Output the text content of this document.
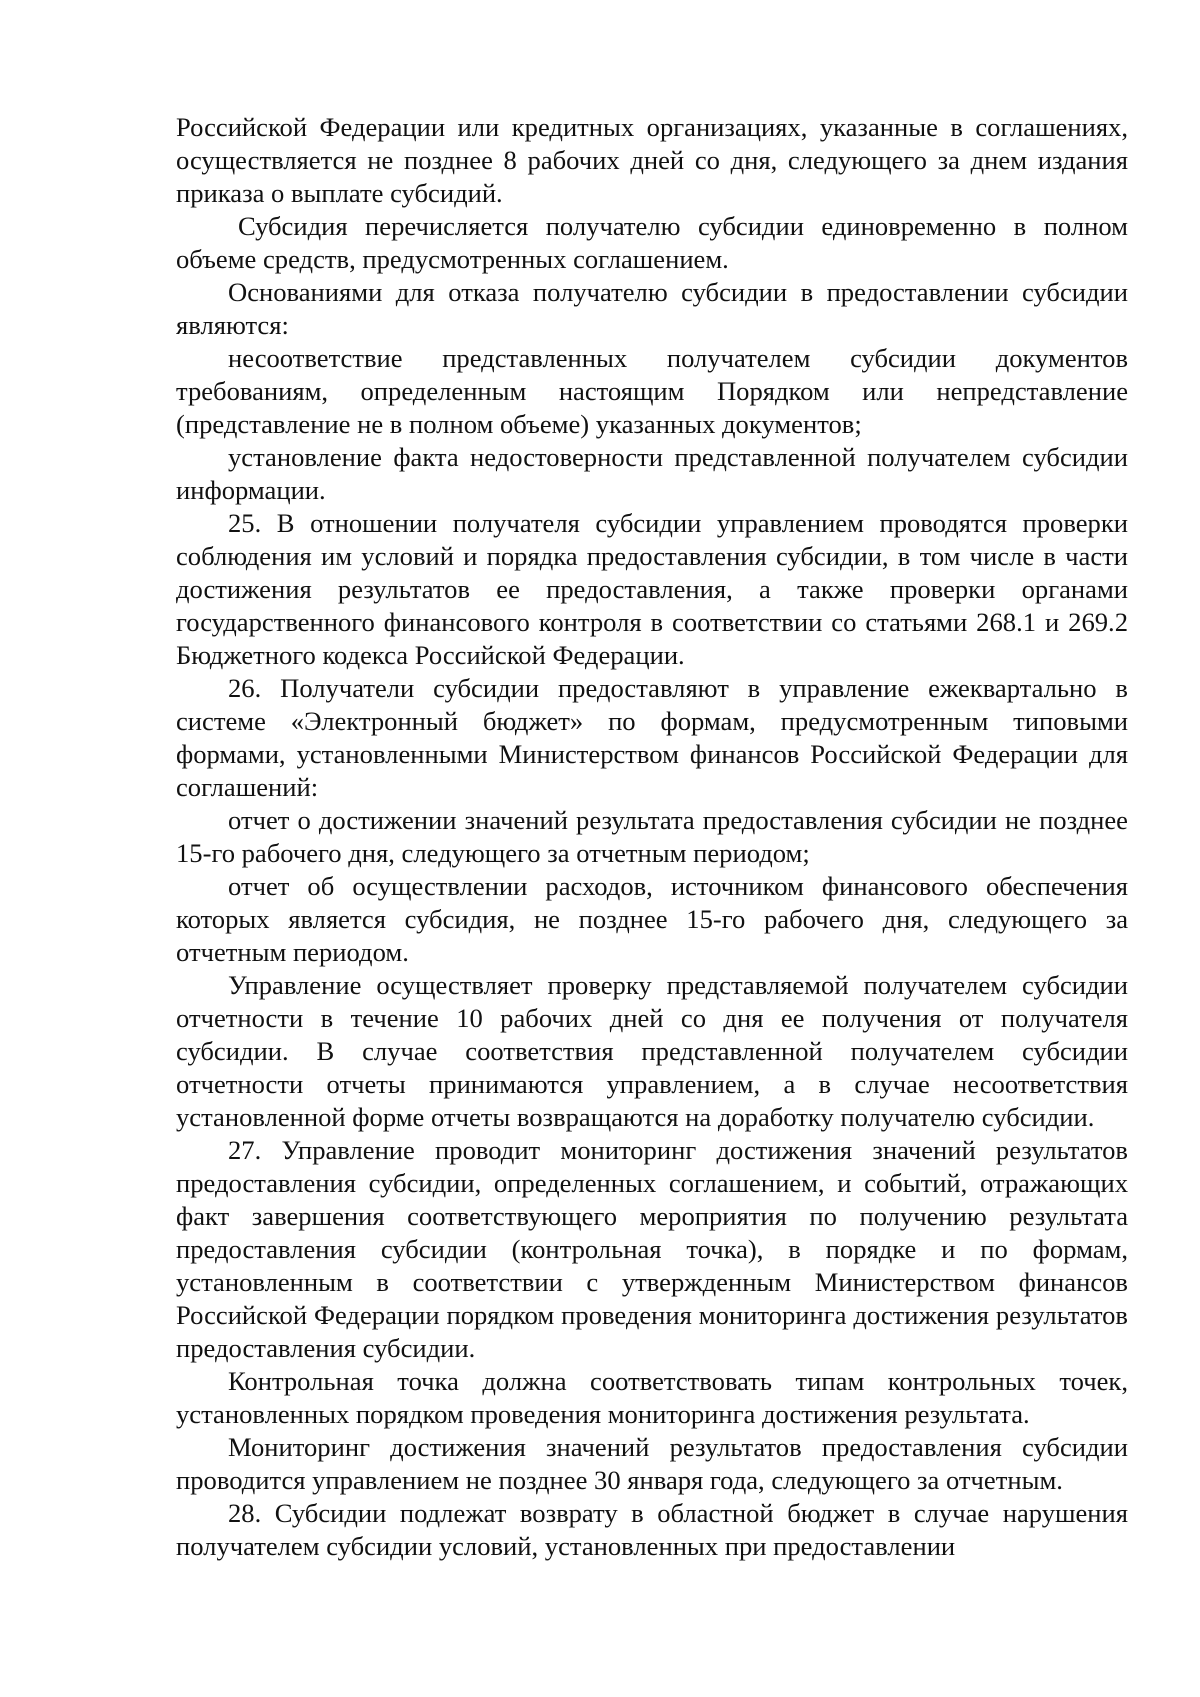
Российской Федерации или кредитных организациях, указанные в соглашениях, осуществляется не позднее 8 рабочих дней со дня, следующего за днем издания приказа о выплате субсидий.

Субсидия перечисляется получателю субсидии единовременно в полном объеме средств, предусмотренных соглашением.

Основаниями для отказа получателю субсидии в предоставлении субсидии являются:

несоответствие представленных получателем субсидии документов требованиям, определенным настоящим Порядком или непредставление (представление не в полном объеме) указанных документов;

установление факта недостоверности представленной получателем субсидии информации.

25. В отношении получателя субсидии управлением проводятся проверки соблюдения им условий и порядка предоставления субсидии, в том числе в части достижения результатов ее предоставления, а также проверки органами государственного финансового контроля в соответствии со статьями 268.1 и 269.2 Бюджетного кодекса Российской Федерации.

26. Получатели субсидии предоставляют в управление ежеквартально в системе «Электронный бюджет» по формам, предусмотренным типовыми формами, установленными Министерством финансов Российской Федерации для соглашений:

отчет о достижении значений результата предоставления субсидии не позднее 15-го рабочего дня, следующего за отчетным периодом;

отчет об осуществлении расходов, источником финансового обеспечения которых является субсидия, не позднее 15-го рабочего дня, следующего за отчетным периодом.

Управление осуществляет проверку представляемой получателем субсидии отчетности в течение 10 рабочих дней со дня ее получения от получателя субсидии. В случае соответствия представленной получателем субсидии отчетности отчеты принимаются управлением, а в случае несоответствия установленной форме отчеты возвращаются на доработку получателю субсидии.

27. Управление проводит мониторинг достижения значений результатов предоставления субсидии, определенных соглашением, и событий, отражающих факт завершения соответствующего мероприятия по получению результата предоставления субсидии (контрольная точка), в порядке и по формам, установленным в соответствии с утвержденным Министерством финансов Российской Федерации порядком проведения мониторинга достижения результатов предоставления субсидии.

Контрольная точка должна соответствовать типам контрольных точек, установленных порядком проведения мониторинга достижения результата.

Мониторинг достижения значений результатов предоставления субсидии проводится управлением не позднее 30 января года, следующего за отчетным.

28. Субсидии подлежат возврату в областной бюджет в случае нарушения получателем субсидии условий, установленных при предоставлении
